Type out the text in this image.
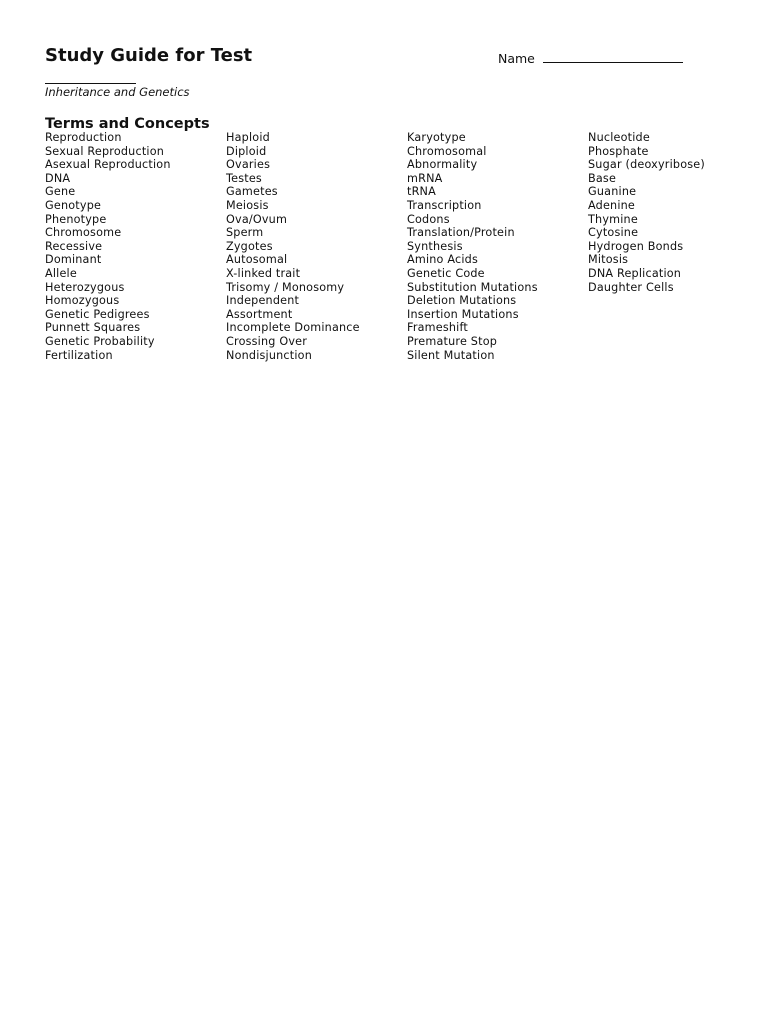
Study Guide for Test	Name
Inheritance and Genetics
Terms and Concepts
Reproduction
Sexual Reproduction
Asexual Reproduction
DNA
Gene
Genotype
Phenotype
Chromosome
Recessive
Dominant
Allele
Heterozygous
Homozygous
Genetic Pedigrees
Punnett Squares
Genetic Probability
Fertilization
Haploid
Diploid
Ovaries
Testes
Gametes
Meiosis
Ova/Ovum
Sperm
Zygotes
Autosomal
X-linked trait
Trisomy / Monosomy
Independent
Assortment
Incomplete Dominance
Crossing Over
Nondisjunction
Karyotype
Chromosomal
Abnormality
mRNA
tRNA
Transcription
Codons
Translation/Protein
Synthesis
Amino Acids
Genetic Code
Substitution Mutations
Deletion Mutations
Insertion Mutations
Frameshift
Premature Stop
Silent Mutation
Nucleotide
Phosphate
Sugar (deoxyribose)
Base
Guanine
Adenine
Thymine
Cytosine
Hydrogen Bonds
Mitosis
DNA Replication
Daughter Cells
